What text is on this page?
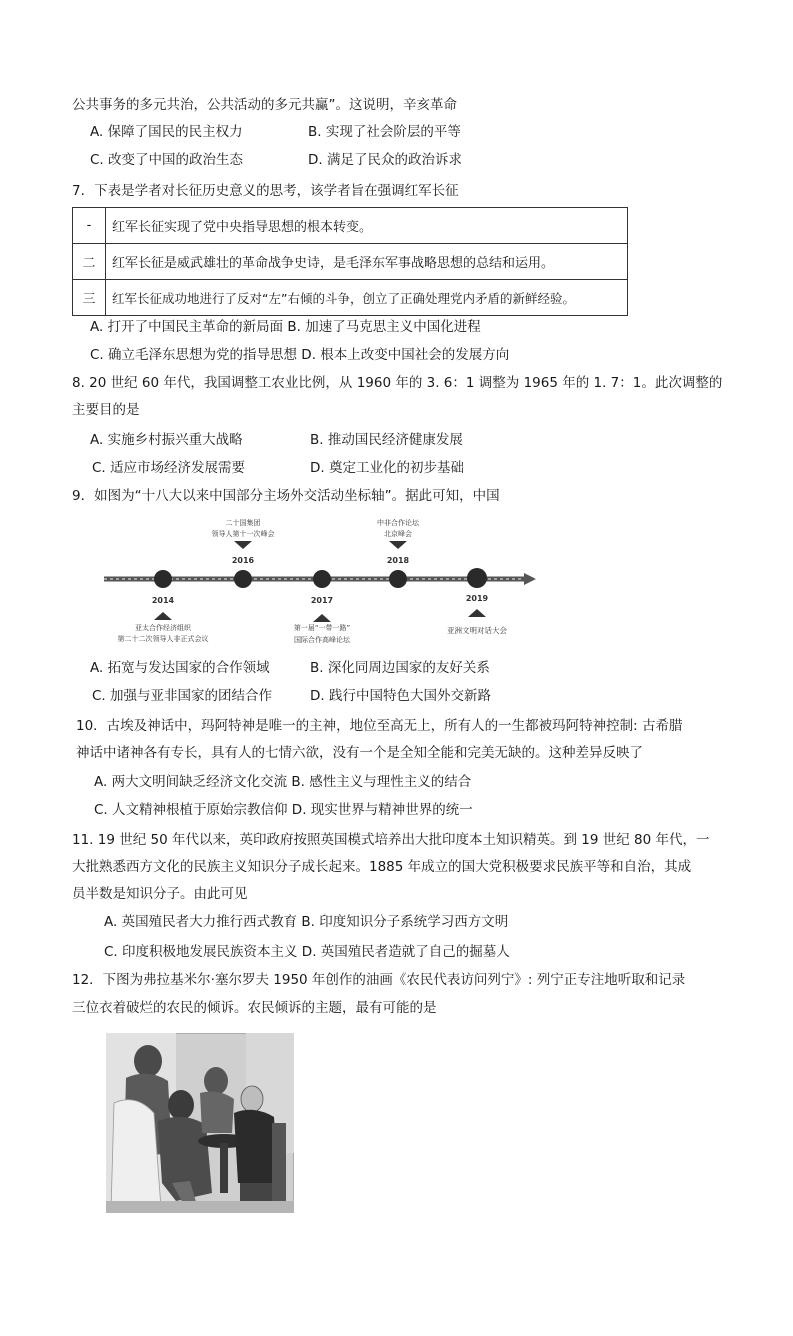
公共事务的多元共治，公共活动的多元共赢”。这说明，辛亥革命
A. 保障了国民的民主权力	B. 实现了社会阶层的平等
C. 改变了中国的政治生态	D. 满足了民众的政治诉求
7．下表是学者对长征历史意义的思考，该学者旨在强调红军长征
-	红军长征实现了党中央指导思想的根本转变。
二	红军长征是威武雄壮的革命战争史诗，是毛泽东军事战略思想的总结和运用。
三	红军长征成功地进行了反对“左”右倾的斗争，创立了正确处理党内矛盾的新鲜经验。
A. 打开了中国民主革命的新局面 B. 加速了马克思主义中国化进程
C. 确立毛泽东思想为党的指导思想 D. 根本上改变中国社会的发展方向
8. 20 世纪 60 年代，我国调整工农业比例，从 1960 年的 3. 6：1 调整为 1965 年的 1. 7：1。此次调整的
主要目的是
A. 实施乡村振兴重大战略	B. 推动国民经济健康发展
C. 适应市场经济发展需要	D. 奠定工业化的初步基础
9．如图为“十八大以来中国部分主场外交活动坐标轴”。据此可知，中国
2014
2016
2017
2018
2019
二十国集团
领导人第十一次峰会
中非合作论坛
北京峰会
亚太合作经济组织
第二十二次领导人非正式会议
第一届“一带一路”
国际合作高峰论坛
亚洲文明对话大会
A. 拓宽与发达国家的合作领域	B. 深化同周边国家的友好关系
C. 加强与亚非国家的团结合作	D. 践行中国特色大国外交新路
10．古埃及神话中，玛阿特神是唯一的主神，地位至高无上，所有人的一生都被玛阿特神控制: 古希腊
神话中诸神各有专长，具有人的七情六欲，没有一个是全知全能和完美无缺的。这种差异反映了
A. 两大文明间缺乏经济文化交流 B. 感性主义与理性主义的结合
C. 人文精神根植于原始宗教信仰 D. 现实世界与精神世界的统一
11. 19 世纪 50 年代以来，英印政府按照英国模式培养出大批印度本土知识精英。到 19 世纪 80 年代，一
大批熟悉西方文化的民族主义知识分子成长起来。1885 年成立的国大党积极要求民族平等和自治，其成
员半数是知识分子。由此可见
A. 英国殖民者大力推行西式教育 B. 印度知识分子系统学习西方文明
C. 印度积极地发展民族资本主义 D. 英国殖民者造就了自己的掘墓人
12．下图为弗拉基米尔·塞尔罗夫 1950 年创作的油画《农民代表访问列宁》: 列宁正专注地听取和记录
三位衣着破烂的农民的倾诉。农民倾诉的主题，最有可能的是
